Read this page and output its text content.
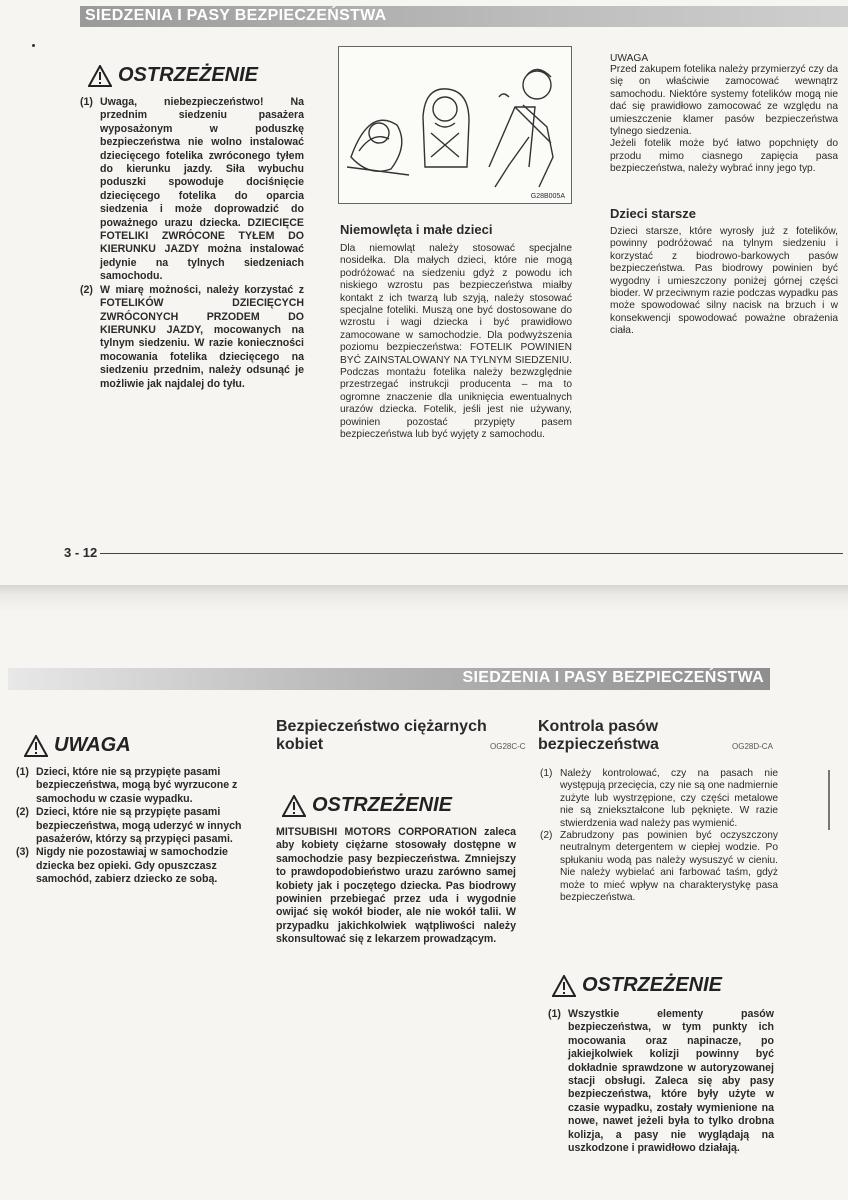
SIEDZENIA I PASY BEZPIECZEŃSTWA
OSTRZEŻENIE
(1) Uwaga, niebezpieczeństwo! Na przednim siedzeniu pasażera wyposażonym w poduszkę bezpieczeństwa nie wolno instalować dziecięcego fotelika zwróconego tyłem do kierunku jazdy. Siła wybuchu poduszki spowoduje dociśnięcie dziecięcego fotelika do oparcia siedzenia i może doprowadzić do poważnego urazu dziecka. DZIECIĘCE FOTELIKI ZWRÓCONE TYŁEM DO KIERUNKU JAZDY można instalować jedynie na tylnych siedzeniach samochodu.
(2) W miarę możności, należy korzystać z FOTELIKÓW DZIECIĘCYCH ZWRÓCONYCH PRZODEM DO KIERUNKU JAZDY, mocowanych na tylnym siedzeniu. W razie konieczności mocowania fotelika dziecięcego na siedzeniu przednim, należy odsunąć je możliwie jak najdalej do tyłu.
G28B005A
Niemowlęta i małe dzieci
Dla niemowląt należy stosować specjalne nosidełka. Dla małych dzieci, które nie mogą podróżować na siedzeniu gdyż z powodu ich niskiego wzrostu pas bezpieczeństwa miałby kontakt z ich twarzą lub szyją, należy stosować specjalne foteliki. Muszą one być dostosowane do wzrostu i wagi dziecka i być prawidłowo zamocowane w samochodzie. Dla podwyższenia poziomu bezpieczeństwa: FOTELIK POWINIEN BYĆ ZAINSTALOWANY NA TYLNYM SIEDZENIU. Podczas montażu fotelika należy bezwzględnie przestrzegać instrukcji producenta – ma to ogromne znaczenie dla uniknięcia ewentualnych urazów dziecka. Fotelik, jeśli jest nie używany, powinien pozostać przypięty pasem bezpieczeństwa lub być wyjęty z samochodu.
UWAGA

Przed zakupem fotelika należy przymierzyć czy da się on właściwie zamocować wewnątrz samochodu. Niektóre systemy fotelików mogą nie dać się prawidłowo zamocować ze względu na umieszczenie klamer pasów bezpieczeństwa tylnego siedzenia.

Jeżeli fotelik może być łatwo popchnięty do przodu mimo ciasnego zapięcia pasa bezpieczeństwa, należy wybrać inny jego typ.

Dzieci starsze
Dzieci starsze, które wyrosły już z fotelików, powinny podróżować na tylnym siedzeniu i korzystać z biodrowo-barkowych pasów bezpieczeństwa. Pas biodrowy powinien być wygodny i umieszczony poniżej górnej części bioder. W przeciwnym razie podczas wypadku pas może spowodować silny nacisk na brzuch i w konsekwencji spowodować poważne obrażenia ciała.
3 - 12
SIEDZENIA I PASY BEZPIECZEŃSTWA
UWAGA
(1) Dzieci, które nie są przypięte pasami bezpieczeństwa, mogą być wyrzucone z samochodu w czasie wypadku.
(2) Dzieci, które nie są przypięte pasami bezpieczeństwa, mogą uderzyć w innych pasażerów, którzy są przypięci pasami.
(3) Nigdy nie pozostawiaj w samochodzie dziecka bez opieki. Gdy opuszczasz samochód, zabierz dziecko ze sobą.
Bezpieczeństwo ciężarnych
kobiet	OG28C-C
OSTRZEŻENIE
MITSUBISHI MOTORS CORPORATION zaleca aby kobiety ciężarne stosowały dostępne w samochodzie pasy bezpieczeństwa. Zmniejszy to prawdopodobieństwo urazu zarówno samej kobiety jak i poczętego dziecka. Pas biodrowy powinien przebiegać przez uda i wygodnie owijać się wokół bioder, ale nie wokół talii. W przypadku jakichkolwiek wątpliwości należy skonsultować się z lekarzem prowadzącym.
Kontrola pasów
bezpieczeństwa	OG28D-CA
(1) Należy kontrolować, czy na pasach nie występują przecięcia, czy nie są one nadmiernie zużyte lub wystrzępione, czy części metalowe nie są zniekształcone lub pęknięte. W razie stwierdzenia wad należy pas wymienić.
(2) Zabrudzony pas powinien być oczyszczony neutralnym detergentem w ciepłej wodzie. Po spłukaniu wodą pas należy wysuszyć w cieniu. Nie należy wybielać ani farbować taśm, gdyż może to mieć wpływ na charakterystykę pasa bezpieczeństwa.
OSTRZEŻENIE
(1) Wszystkie elementy pasów bezpieczeństwa, w tym punkty ich mocowania oraz napinacze, po jakiejkolwiek kolizji powinny być dokładnie sprawdzone w autoryzowanej stacji obsługi. Zaleca się aby pasy bezpieczeństwa, które były użyte w czasie wypadku, zostały wymienione na nowe, nawet jeżeli była to tylko drobna kolizja, a pasy nie wyglądają na uszkodzone i prawidłowo działają.
